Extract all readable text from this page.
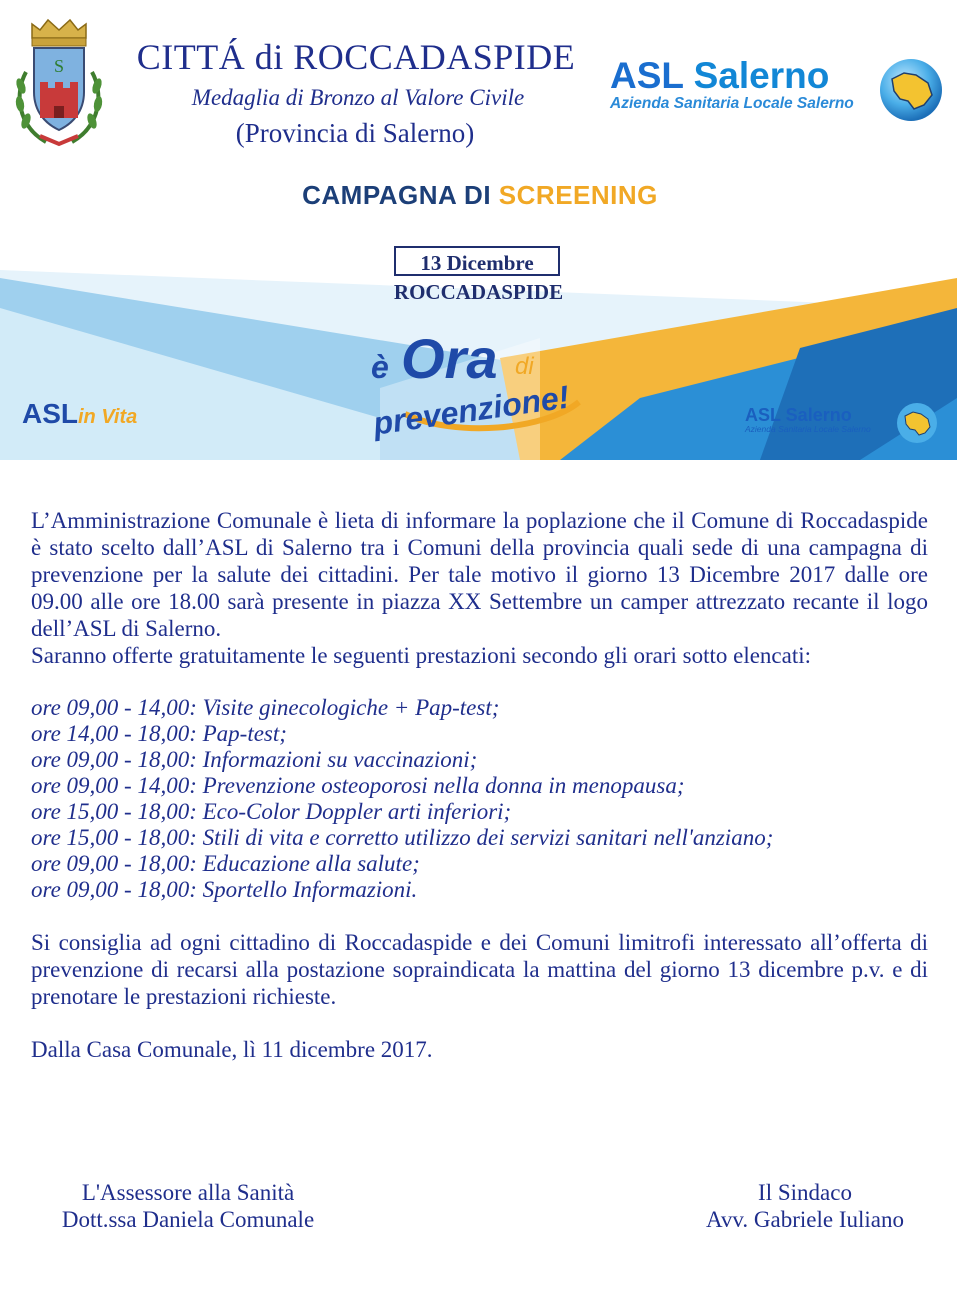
S	CITTÁ di ROCCADASPIDE
Medaglia di Bronzo al Valore Civile
(Provincia di Salerno)
ASL Salerno
Azienda Sanitaria Locale Salerno
CAMPAGNA DI SCREENING
13 Dicembre
ROCCADASPIDE
è Ora di
prevenzione!
ASLin Vita	ASL Salerno
Azienda Sanitaria Locale Salerno

L’Amministrazione Comunale è lieta di informare la poplazione che il Comune di Roccadaspide è stato scelto dall’ASL di Salerno tra i Comuni della provincia quali sede di una campagna di prevenzione per la salute dei cittadini. Per tale motivo il giorno 13 Dicembre 2017 dalle ore 09.00 alle ore 18.00 sarà presente in piazza XX Settembre un camper attrezzato recante il logo dell’ASL di Salerno.

Saranno offerte gratuitamente le seguenti prestazioni secondo gli orari sotto elencati:

ore 09,00 - 14,00: Visite ginecologiche + Pap-test;
ore 14,00 - 18,00: Pap-test;
ore 09,00 - 18,00: Informazioni su vaccinazioni;
ore 09,00 - 14,00: Prevenzione osteoporosi nella donna in menopausa;
ore 15,00 - 18,00: Eco-Color Doppler arti inferiori;
ore 15,00 - 18,00: Stili di vita e corretto utilizzo dei servizi sanitari nell'anziano;
ore 09,00 - 18,00: Educazione alla salute;
ore 09,00 - 18,00: Sportello Informazioni.

Si consiglia ad ogni cittadino di Roccadaspide e dei Comuni limitrofi interessato all’offerta di prevenzione di recarsi alla postazione sopraindicata la mattina del giorno 13 dicembre p.v. e di prenotare le prestazioni richieste.

Dalla Casa Comunale, lì 11 dicembre 2017.

L'Assessore alla Sanità
Dott.ssa Daniela Comunale
Il Sindaco
Avv. Gabriele Iuliano
